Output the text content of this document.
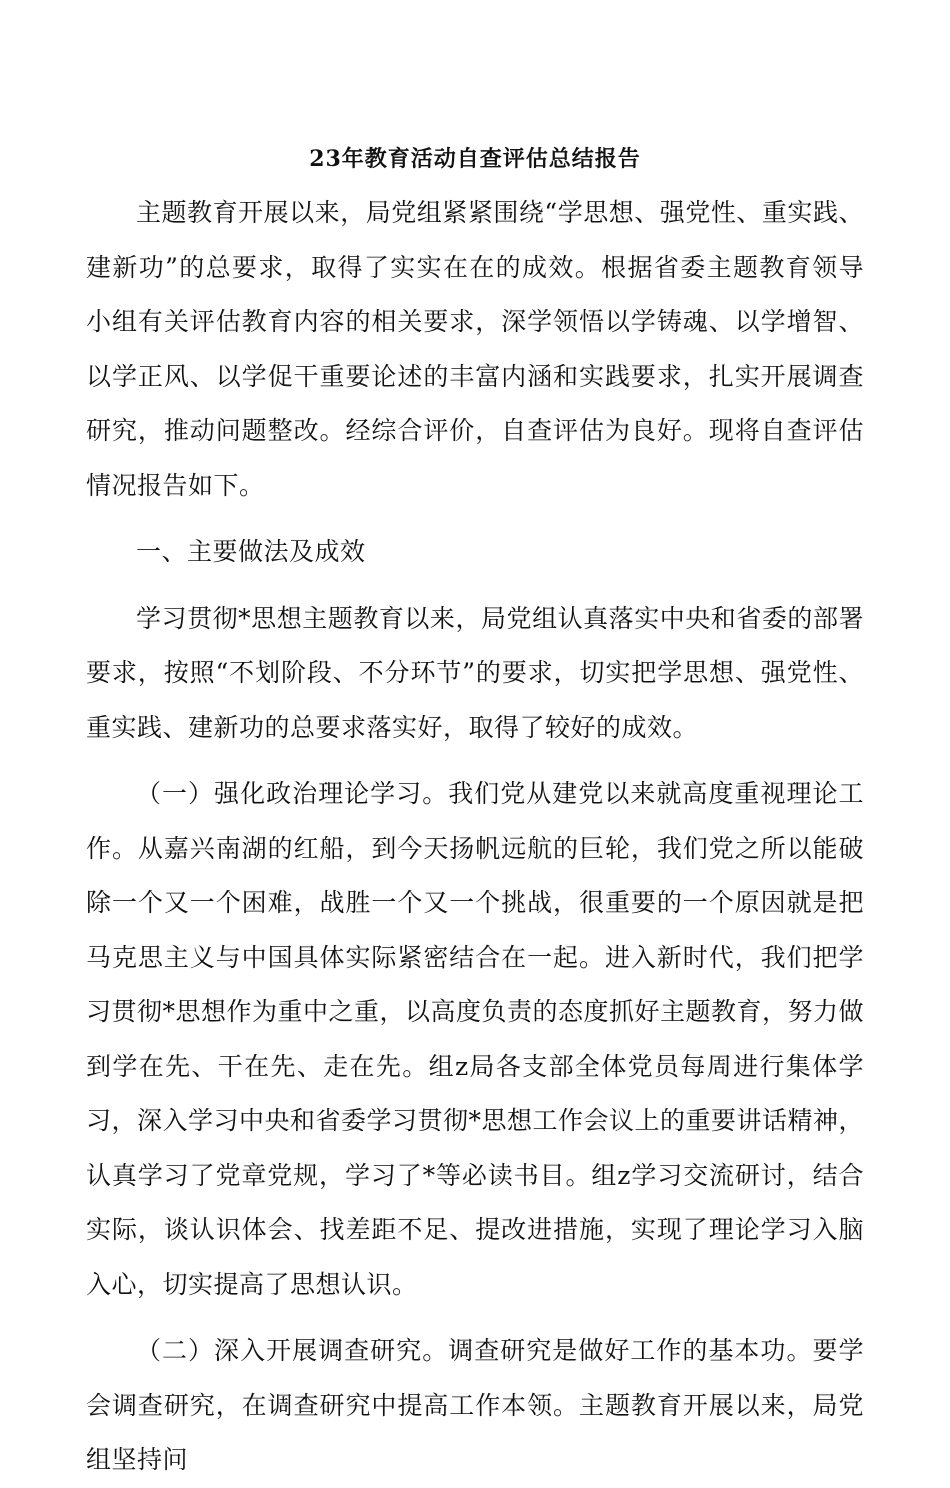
23年教育活动自查评估总结报告

主题教育开展以来，局党组紧紧围绕“学思想、强党性、重实践、建新功”的总要求，取得了实实在在的成效。根据省委主题教育领导小组有关评估教育内容的相关要求，深学领悟以学铸魂、以学增智、以学正风、以学促干重要论述的丰富内涵和实践要求，扎实开展调查研究，推动问题整改。经综合评价，自查评估为良好。现将自查评估情况报告如下。

一、主要做法及成效

学习贯彻*思想主题教育以来，局党组认真落实中央和省委的部署要求，按照“不划阶段、不分环节”的要求，切实把学思想、强党性、重实践、建新功的总要求落实好，取得了较好的成效。

（一）强化政治理论学习。我们党从建党以来就高度重视理论工作。从嘉兴南湖的红船，到今天扬帆远航的巨轮，我们党之所以能破除一个又一个困难，战胜一个又一个挑战，很重要的一个原因就是把马克思主义与中国具体实际紧密结合在一起。进入新时代，我们把学习贯彻*思想作为重中之重，以高度负责的态度抓好主题教育，努力做到学在先、干在先、走在先。组z局各支部全体党员每周进行集体学习，深入学习中央和省委学习贯彻*思想工作会议上的重要讲话精神，认真学习了党章党规，学习了*等必读书目。组z学习交流研讨，结合实际，谈认识体会、找差距不足、提改进措施，实现了理论学习入脑入心，切实提高了思想认识。

（二）深入开展调查研究。调查研究是做好工作的基本功。要学会调查研究，在调查研究中提高工作本领。主题教育开展以来，局党组坚持问
